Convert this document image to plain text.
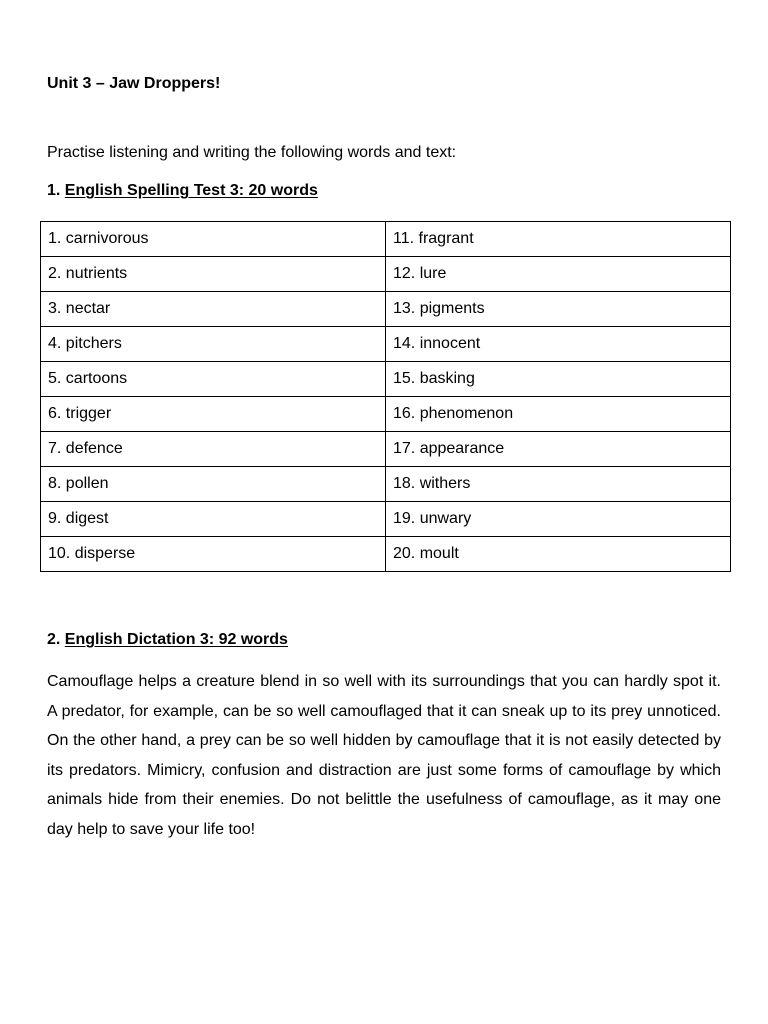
Unit 3 – Jaw Droppers!
Practise listening and writing the following words and text:
1. English Spelling Test 3: 20 words
1. carnivorous	11. fragrant
2. nutrients	12. lure
3. nectar	13. pigments
4. pitchers	14. innocent
5. cartoons	15. basking
6. trigger	16. phenomenon
7. defence	17. appearance
8. pollen	18. withers
9. digest	19. unwary
10. disperse	20. moult
2. English Dictation 3: 92 words

Camouflage helps a creature blend in so well with its surroundings that you can hardly spot it. A predator, for example, can be so well camouflaged that it can sneak up to its prey unnoticed. On the other hand, a prey can be so well hidden by camouflage that it is not easily detected by its predators. Mimicry, confusion and distraction are just some forms of camouflage by which animals hide from their enemies. Do not belittle the usefulness of camouflage, as it may one day help to save your life too!
